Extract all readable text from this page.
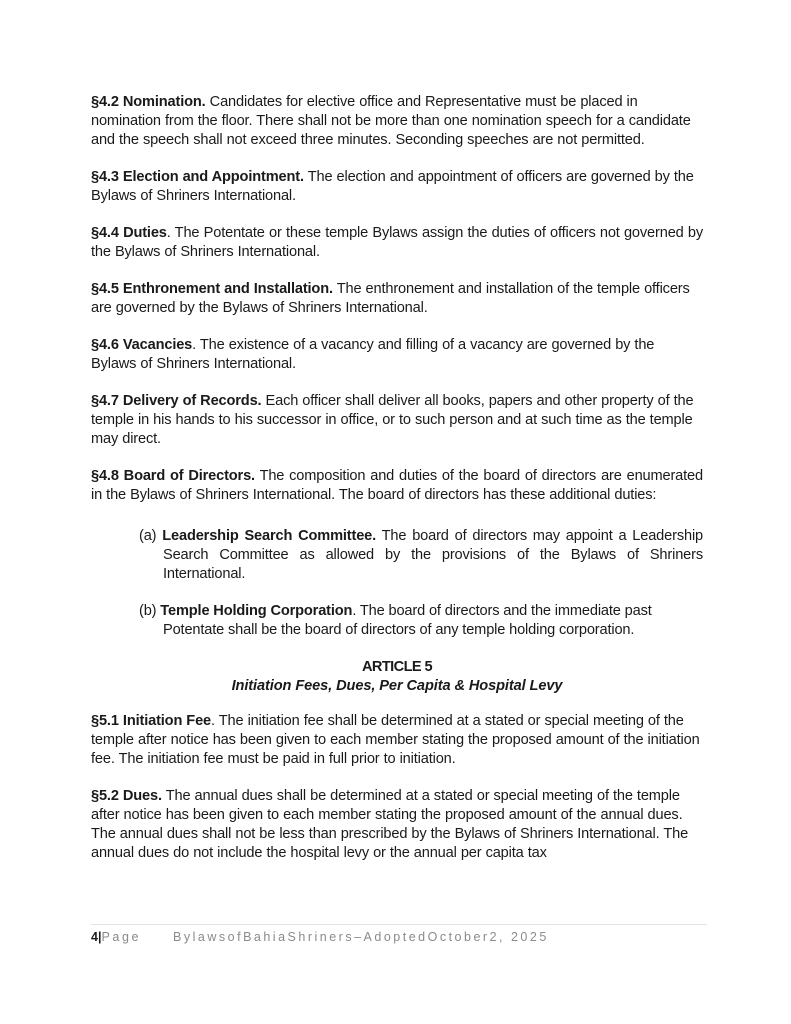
§4.2 Nomination. Candidates for elective office and Representative must be placed in nomination from the floor. There shall not be more than one nomination speech for a candidate and the speech shall not exceed three minutes. Seconding speeches are not permitted.

§4.3 Election and Appointment. The election and appointment of officers are governed by the Bylaws of Shriners International.

§4.4 Duties. The Potentate or these temple Bylaws assign the duties of officers not governed by the Bylaws of Shriners International.

§4.5 Enthronement and Installation. The enthronement and installation of the temple officers are governed by the Bylaws of Shriners International.

§4.6 Vacancies. The existence of a vacancy and filling of a vacancy are governed by the Bylaws of Shriners International.

§4.7 Delivery of Records. Each officer shall deliver all books, papers and other property of the temple in his hands to his successor in office, or to such person and at such time as the temple may direct.

§4.8 Board of Directors. The composition and duties of the board of directors are enumerated in the Bylaws of Shriners International. The board of directors has these additional duties:

(a) Leadership Search Committee. The board of directors may appoint a Leadership Search Committee as allowed by the provisions of the Bylaws of Shriners International.

(b) Temple Holding Corporation. The board of directors and the immediate past Potentate shall be the board of directors of any temple holding corporation.

ARTICLE 5
Initiation Fees, Dues, Per Capita & Hospital Levy

§5.1 Initiation Fee. The initiation fee shall be determined at a stated or special meeting of the temple after notice has been given to each member stating the proposed amount of the initiation fee. The initiation fee must be paid in full prior to initiation.

§5.2 Dues. The annual dues shall be determined at a stated or special meeting of the temple after notice has been given to each member stating the proposed amount of the annual dues. The annual dues shall not be less than prescribed by the Bylaws of Shriners International. The annual dues do not include the hospital levy or the annual per capita tax

4|Page	BylawsofBahiaShriners–AdoptedOctober2, 2025
